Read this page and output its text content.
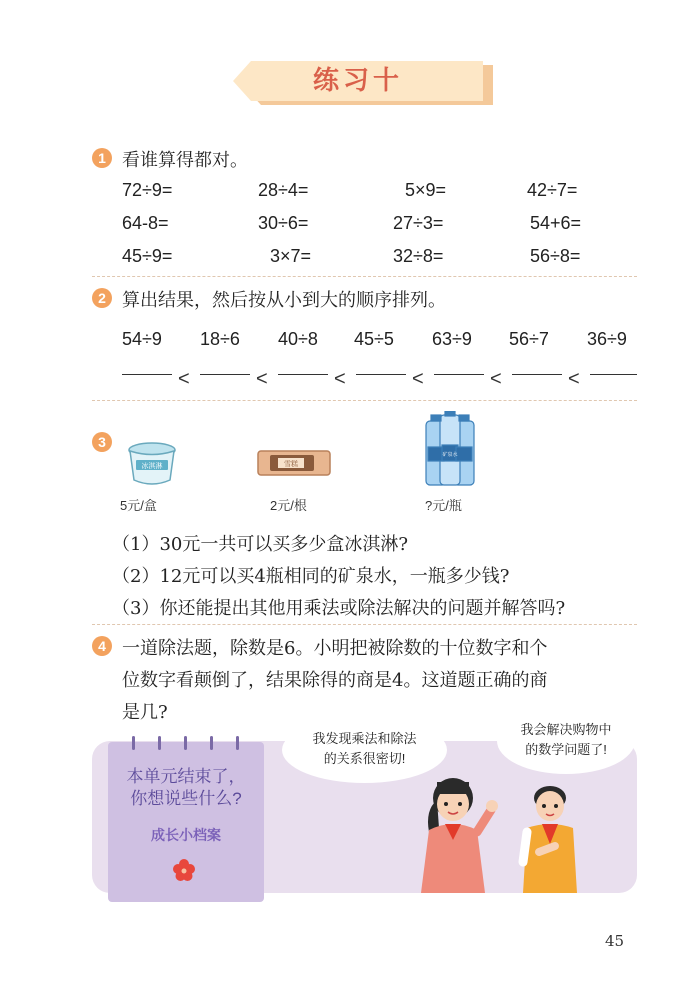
练习十
1 看谁算得都对。
72÷9=	28÷4=	5×9=	42÷7=
64-8=	30÷6=	27÷3=	54+6=
45÷9=	3×7=	32÷8=	56÷8=
2 算出结果，然后按从小到大的顺序排列。
54÷9 18÷6 40÷8 45÷5 63÷9 56÷7 36÷9
<	<	<	<	<	<
3
冰淇淋
5元/盒
雪糕
2元/根
矿泉水
?元/瓶
（1）30元一共可以买多少盒冰淇淋?
（2）12元可以买4瓶相同的矿泉水，一瓶多少钱?
（3）你还能提出其他用乘法或除法解决的问题并解答吗?
4 一道除法题，除数是6。小明把被除数的十位数字和个
位数字看颠倒了，结果除得的商是4。这道题正确的商
是几?
本单元结束了，
你想说些什么?
成长小档案
我发现乘法和除法
的关系很密切!
我会解决购物中
的数学问题了!
45
